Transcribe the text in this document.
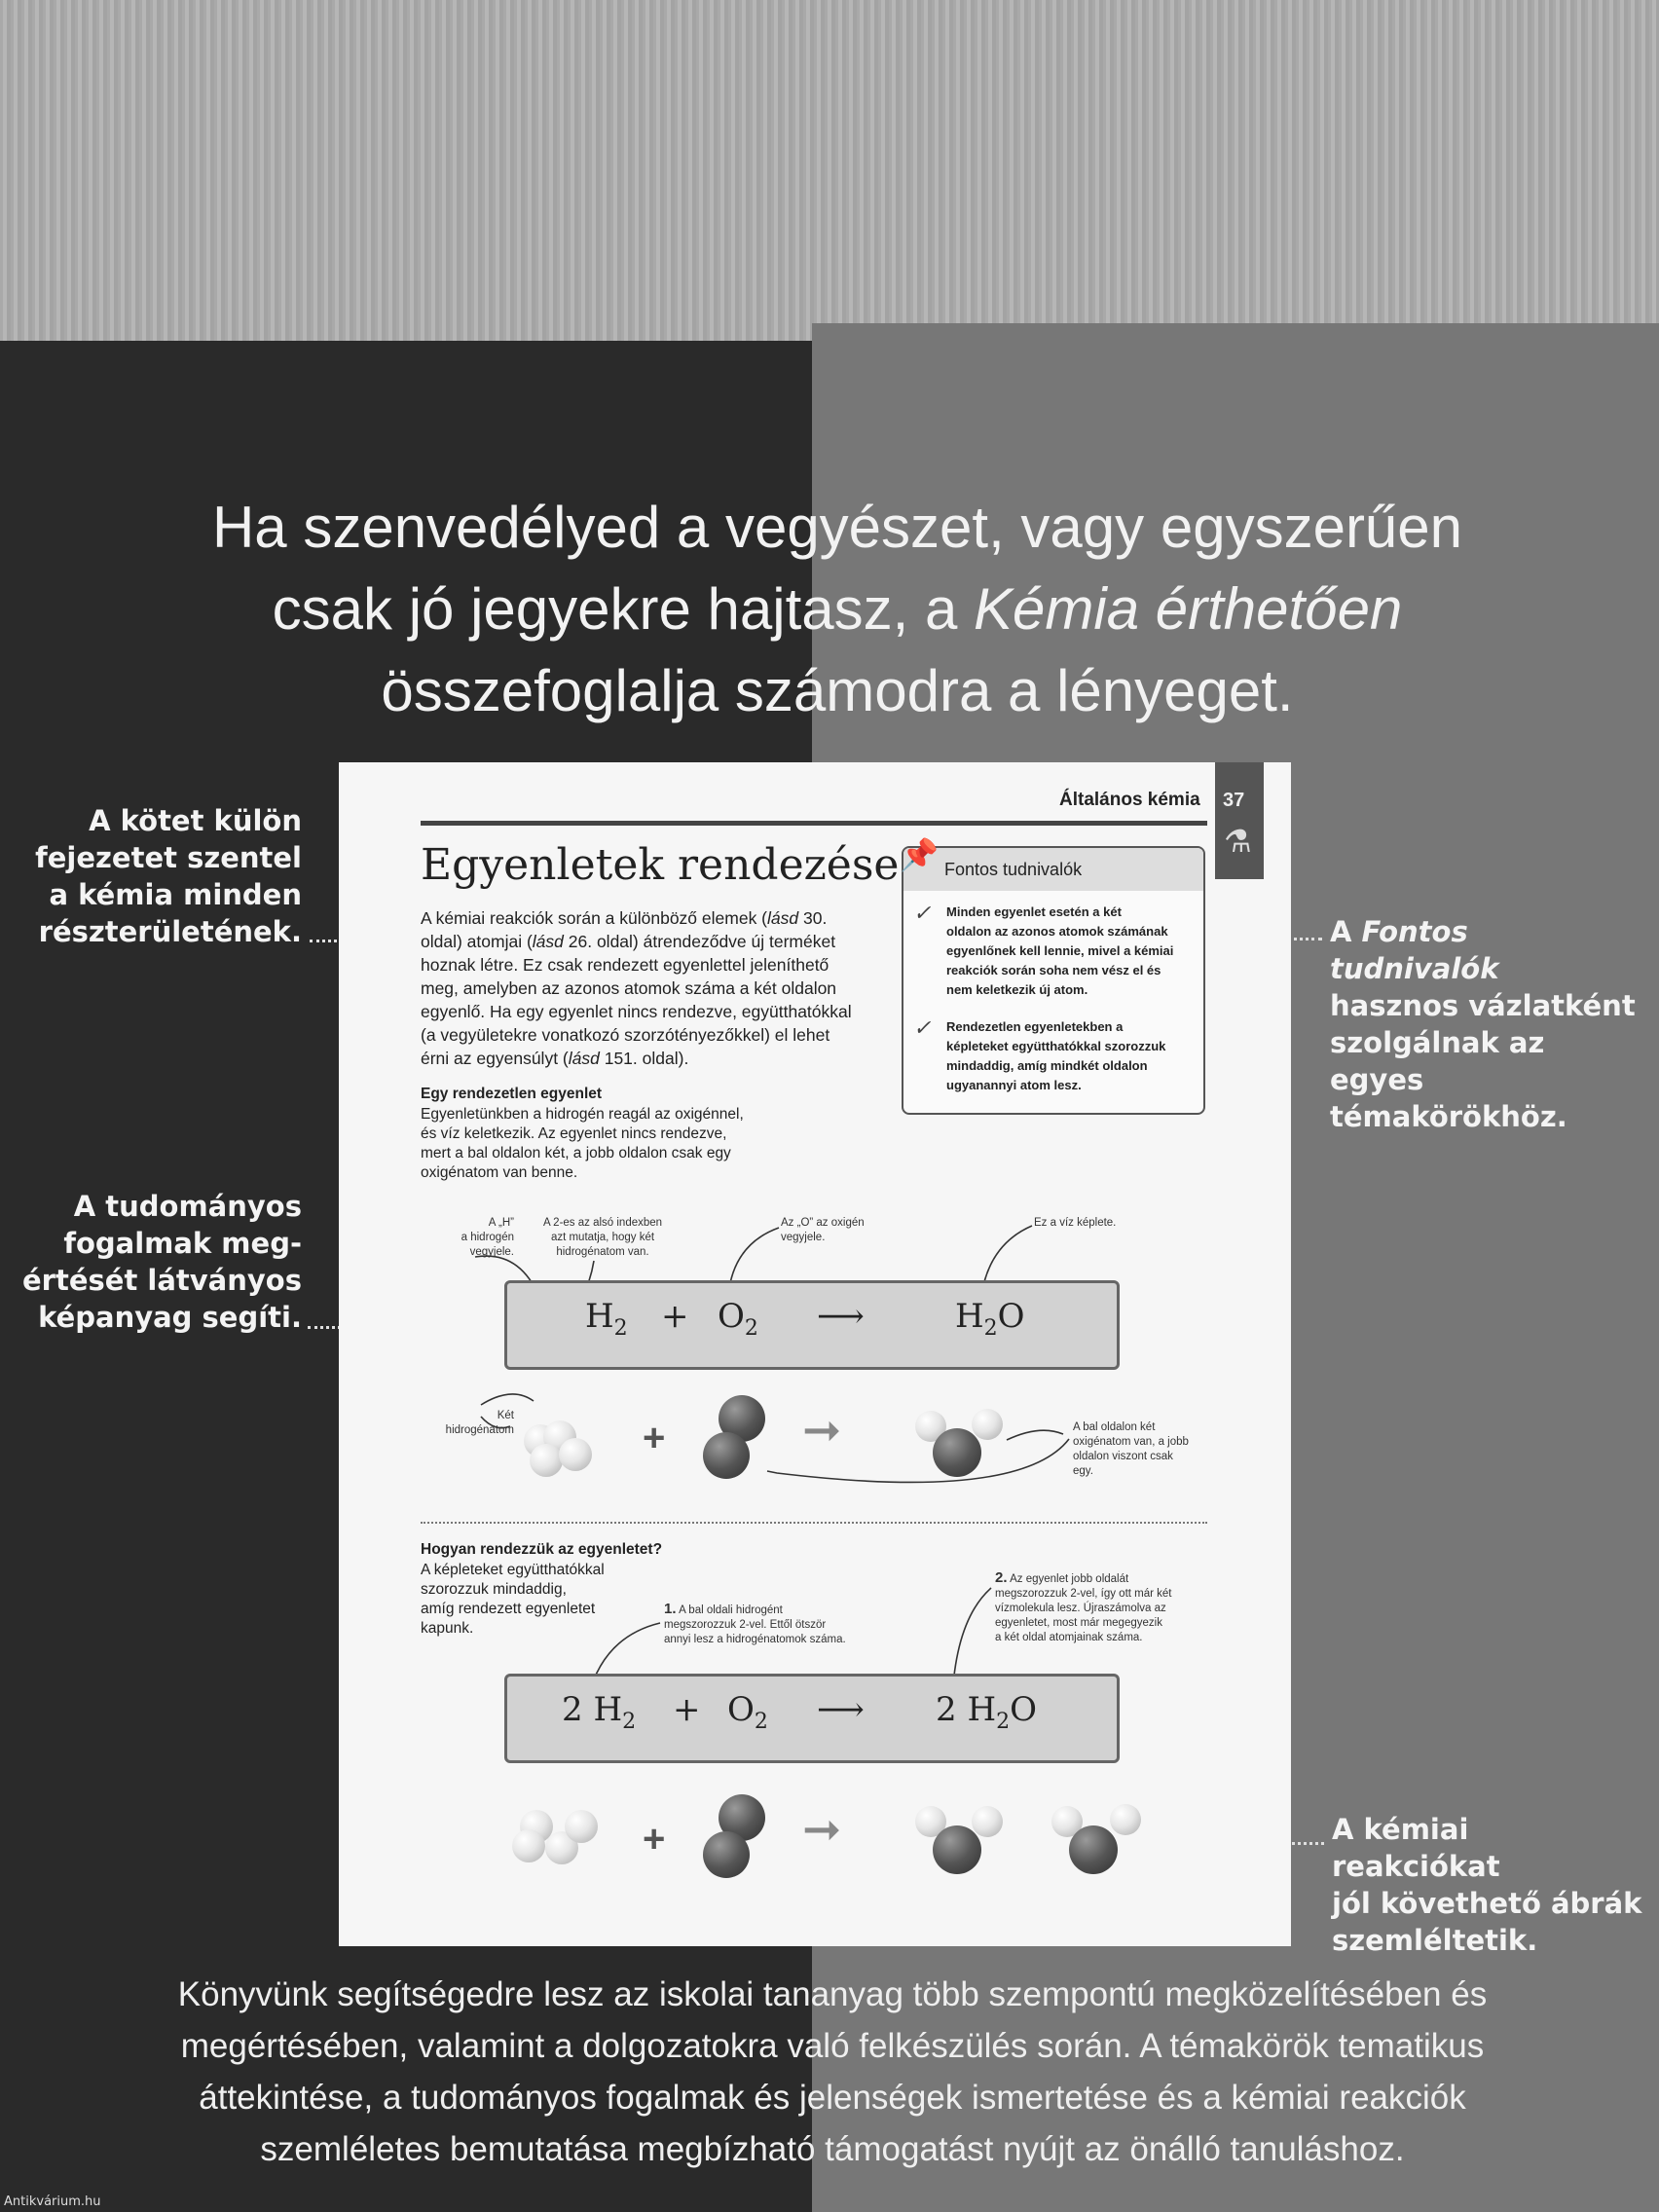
Ha szenvedélyed a vegyészet, vagy egyszerűen
csak jó jegyekre hajtasz, a Kémia érthetően
összefoglalja számodra a lényeget.
A kötet külön
fejezetet szentel
a kémia minden
részterületének.
A tudományos
fogalmak meg-
értését látványos
képanyag segíti.
A Fontos tudnivalók
hasznos vázlatként
szolgálnak az egyes
témakörökhöz.
A kémiai reakciókat
jól követhető ábrák
szemléltetik.
Általános kémia 37
⚗
Egyenletek rendezése
A kémiai reakciók során a különböző elemek (lásd 30.
oldal) atomjai (lásd 26. oldal) átrendeződve új terméket
hoznak létre. Ez csak rendezett egyenlettel jeleníthető
meg, amelyben az azonos atomok száma a két oldalon
egyenlő. Ha egy egyenlet nincs rendezve, együtthatókkal
(a vegyületekre vonatkozó szorzótényezőkkel) el lehet
érni az egyensúlyt (lásd 151. oldal).
📌 Fontos tudnivalók
✓ Minden egyenlet esetén a két
oldalon az azonos atomok számának
egyenlőnek kell lennie, mivel a kémiai
reakciók során soha nem vész el és
nem keletkezik új atom.
✓ Rendezetlen egyenletekben a
képleteket együtthatókkal szorozzuk
mindaddig, amíg mindkét oldalon
ugyanannyi atom lesz.
Egy rendezetlen egyenlet
Egyenletünkben a hidrogén reagál az oxigénnel,
és víz keletkezik. Az egyenlet nincs rendezve,
mert a bal oldalon két, a jobb oldalon csak egy
oxigénatom van benne.
A „H”
a hidrogén
vegyjele.
A 2-es az alsó indexben
azt mutatja, hogy két
hidrogénatom van.
Az „O” az oxigén
vegyjele.
Ez a víz képlete.
$H_2 + O_2$ ⟶	$H_2O$
Két
hidrogénatom	+	➞	A bal oldalon két
oxigénatom van, a jobb
oldalon viszont csak
egy.
Hogyan rendezzük az egyenletet?
A képleteket együtthatókkal
szorozzuk mindaddig,
amíg rendezett egyenletet
kapunk.
1. A bal oldali hidrogént
megszorozzuk 2-vel. Ettől ötször
annyi lesz a hidrogénatomok száma.
2. Az egyenlet jobb oldalát
megszorozzuk 2-vel, így ott már két
vízmolekula lesz. Újraszámolva az
egyenletet, most már megegyezik
a két oldal atomjainak száma.
2 $H_2 + O_2$ ⟶ 2 $H_2O$
+	➞
Könyvünk segítségedre lesz az iskolai tananyag több szempontú megközelítésében és
megértésében, valamint a dolgozatokra való felkészülés során. A témakörök tematikus
áttekintése, a tudományos fogalmak és jelenségek ismertetése és a kémiai reakciók
szemléletes bemutatása megbízható támogatást nyújt az önálló tanuláshoz.
Antikvárium.hu
